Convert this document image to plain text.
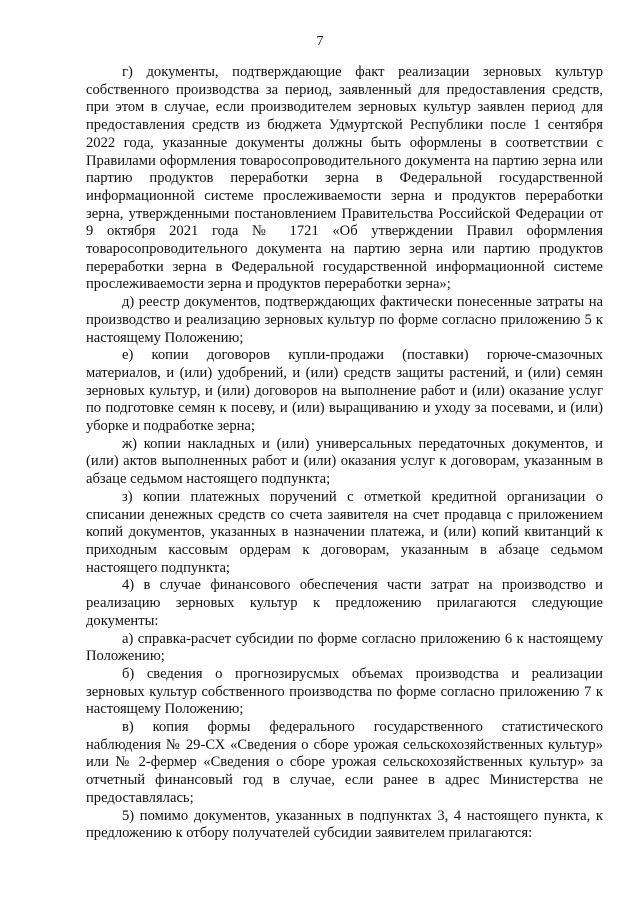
7

г) документы, подтверждающие факт реализации зерновых культур собственного производства за период, заявленный для предоставления средств, при этом в случае, если производителем зерновых культур заявлен период для предоставления средств из бюджета Удмуртской Республики после 1 сентября 2022 года, указанные документы должны быть оформлены в соответствии с Правилами оформления товаросопроводительного документа на партию зерна или партию продуктов переработки зерна в Федеральной государственной информационной системе прослеживаемости зерна и продуктов переработки зерна, утвержденными постановлением Правительства Российской Федерации от 9 октября 2021 года № 1721 «Об утверждении Правил оформления товаросопроводительного документа на партию зерна или партию продуктов переработки зерна в Федеральной государственной информационной системе прослеживаемости зерна и продуктов переработки зерна»;

д) реестр документов, подтверждающих фактически понесенные затраты на производство и реализацию зерновых культур по форме согласно приложению 5 к настоящему Положению;

е) копии договоров купли-продажи (поставки) горюче-смазочных материалов, и (или) удобрений, и (или) средств защиты растений, и (или) семян зерновых культур, и (или) договоров на выполнение работ и (или) оказание услуг по подготовке семян к посеву, и (или) выращиванию и уходу за посевами, и (или) уборке и подработке зерна;

ж) копии накладных и (или) универсальных передаточных документов, и (или) актов выполненных работ и (или) оказания услуг к договорам, указанным в абзаце седьмом настоящего подпункта;

з) копии платежных поручений с отметкой кредитной организации о списании денежных средств со счета заявителя на счет продавца с приложением копий документов, указанных в назначении платежа, и (или) копий квитанций к приходным кассовым ордерам к договорам, указанным в абзаце седьмом настоящего подпункта;

4) в случае финансового обеспечения части затрат на производство и реализацию зерновых культур к предложению прилагаются следующие документы:

а) справка-расчет субсидии по форме согласно приложению 6 к настоящему Положению;

б) сведения о прогнозирусмых объемах производства и реализации зерновых культур собственного производства по форме согласно приложению 7 к настоящему Положению;

в) копия формы федерального государственного статистического наблюдения № 29-СХ «Сведения о сборе урожая сельскохозяйственных культур» или № 2-фермер «Сведения о сборе урожая сельскохозяйственных культур» за отчетный финансовый год в случае, если ранее в адрес Министерства не предоставлялась;

5) помимо документов, указанных в подпунктах 3, 4 настоящего пункта, к предложению к отбору получателей субсидии заявителем прилагаются:
